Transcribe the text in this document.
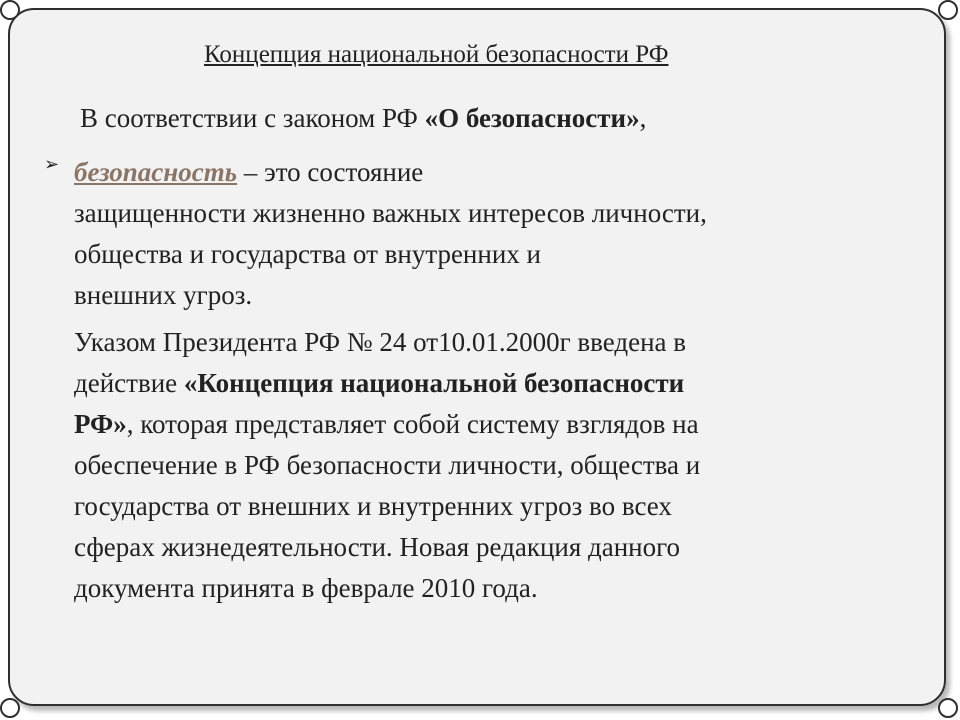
Концепция национальной безопасности РФ
В соответствии с законом РФ «О безопасности»,
➢ безопасность – это состояние
защищенности жизненно важных интересов личности,
общества и государства от внутренних и
внешних угроз.
Указом Президента РФ № 24 от10.01.2000г введена в
действие «Концепция национальной безопасности
РФ», которая представляет собой систему взглядов на
обеспечение в РФ безопасности личности, общества и
государства от внешних и внутренних угроз во всех
сферах жизнедеятельности. Новая редакция данного
документа принята в феврале 2010 года.
